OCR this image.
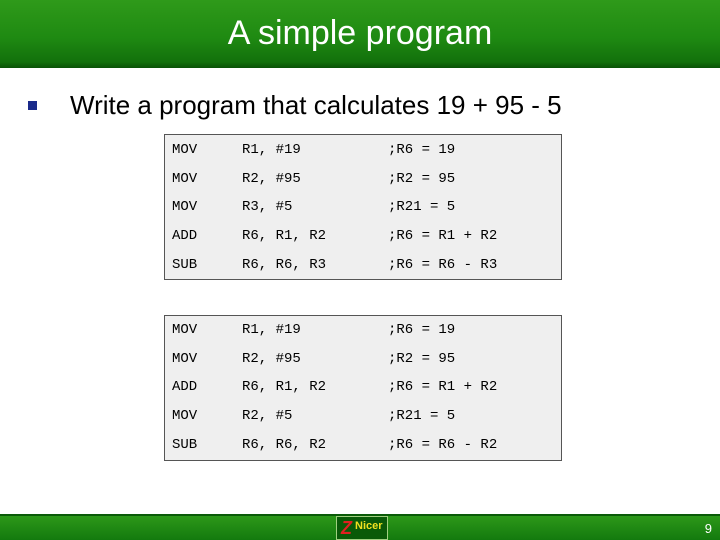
A simple program
Write a program that calculates 19 + 95 - 5
MOV	R1, #19	;R6 = 19
MOV	R2, #95	;R2 = 95
MOV	R3, #5	;R21 = 5
ADD	R6, R1, R2	;R6 = R1 + R2
SUB	R6, R6, R3	;R6 = R6 - R3
MOV	R1, #19	;R6 = 19
MOV	R2, #95	;R2 = 95
ADD	R6, R1, R2	;R6 = R1 + R2
MOV	R2, #5	;R21 = 5
SUB	R6, R6, R2	;R6 = R6 - R2
Z Nicer	9
